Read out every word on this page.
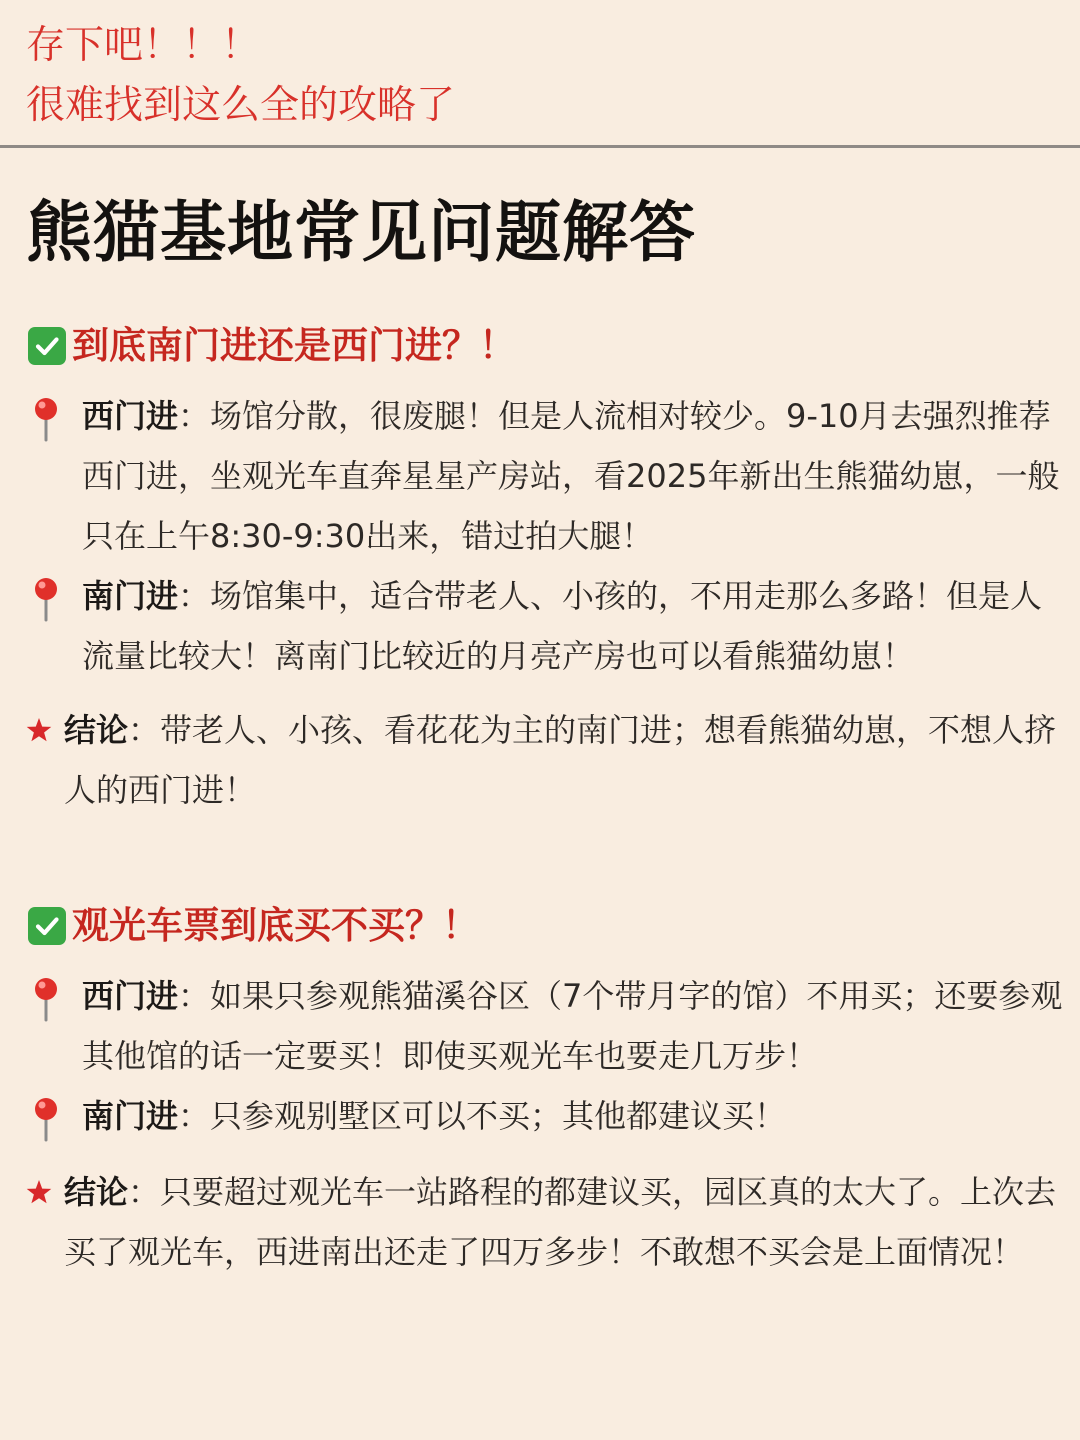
存下吧！！！
很难找到这么全的攻略了
熊猫基地常见问题解答
到底南门进还是西门进？！
西门进：场馆分散，很废腿！但是人流相对较少。9-10月去强烈推荐西门进，坐观光车直奔星星产房站，看2025年新出生熊猫幼崽，一般只在上午8:30-9:30出来，错过拍大腿！
南门进：场馆集中，适合带老人、小孩的，不用走那么多路！但是人流量比较大！离南门比较近的月亮产房也可以看熊猫幼崽！
结论：带老人、小孩、看花花为主的南门进；想看熊猫幼崽，不想人挤人的西门进！
观光车票到底买不买？！
西门进：如果只参观熊猫溪谷区（7个带月字的馆）不用买；还要参观其他馆的话一定要买！即使买观光车也要走几万步！
南门进：只参观别墅区可以不买；其他都建议买！
结论：只要超过观光车一站路程的都建议买，园区真的太大了。上次去买了观光车，西进南出还走了四万多步！不敢想不买会是上面情况！
